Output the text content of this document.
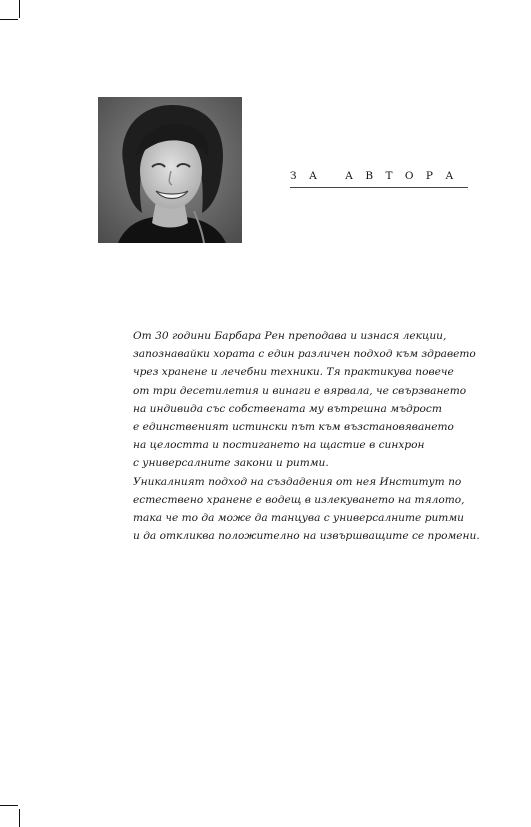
ЗА АВТОРА
От 30 години Барбара Рен преподава и изнася лекции,
запознавайки хората с един различен подход към здравето
чрез хранене и лечебни техники. Тя практикува повече
от три десетилетия и винаги е вярвала, че свързването
на индивида със собствената му вътрешна мъдрост
е единственият истински път към възстановяването
на целостта и постигането на щастие в синхрон
с универсалните закони и ритми.
Уникалният подход на създадения от нея Институт по
естествено хранене е водещ в излекуването на тялото,
така че то да може да танцува с универсалните ритми
и да откликва положително на извършващите се промени.
